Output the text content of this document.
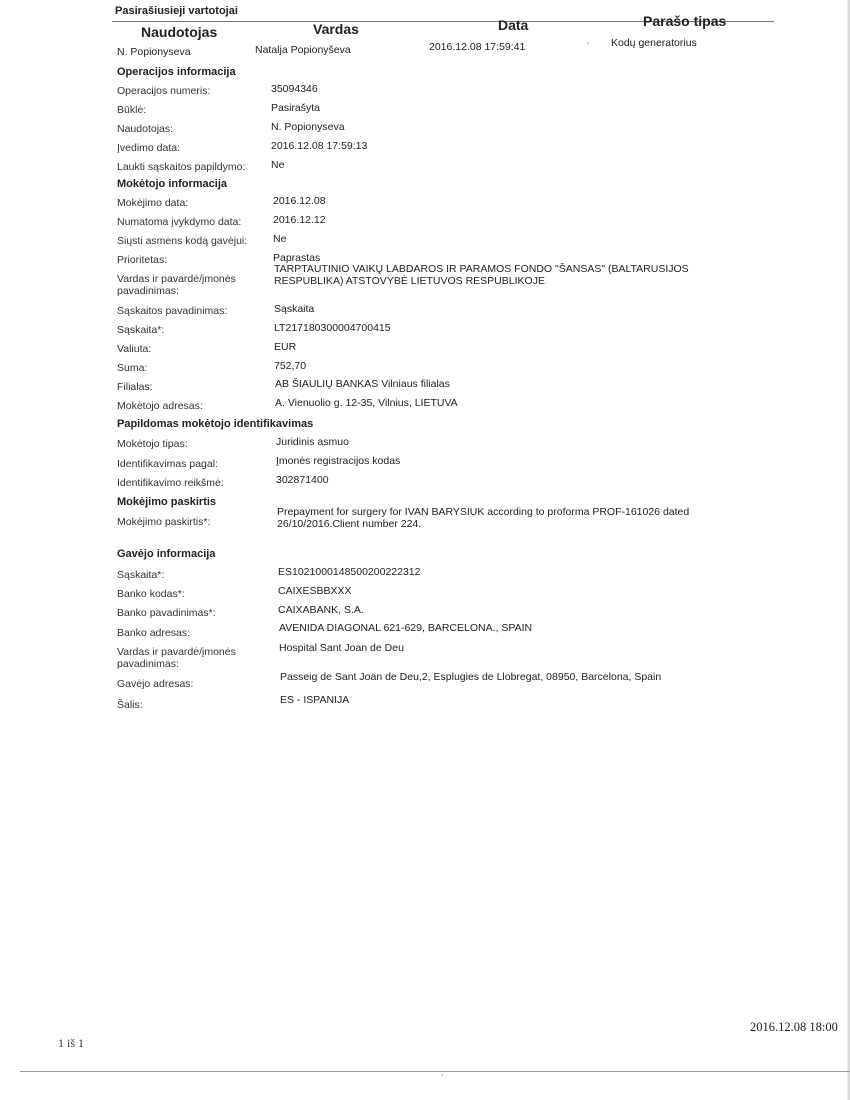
Pasirašiusieji vartotojai
Naudotojas	Vardas	Data	Parašo tipas
N. Popionyseva	Natalja Popionyševa	2016.12.08 17:59:41	Kodų generatorius
Operacijos informacija
Operacijos numeris:	35094346
Būklė:	Pasirašyta
Naudotojas:	N. Popionyseva
Įvedimo data:	2016.12.08 17:59:13
Laukti sąskaitos papildymo: Ne
Mokėtojo informacija
Mokėjimo data:	2016.12.08
Numatoma įvykdymo data:	2016.12.12
Siųsti asmens kodą gavėjui: Ne
Prioritetas:	Paprastas
Vardas ir pavardė/įmonės pavadinimas:
TARPTAUTINIO VAIKŲ LABDAROS IR PARAMOS FONDO "ŠANSAS" (BALTARUSIJOS RESPUBLIKA) ATSTOVYBĖ LIETUVOS RESPUBLIKOJE
Sąskaitos pavadinimas:	Sąskaita
Sąskaita*:	LT217180300004700415
Valiuta:	EUR
Suma:	752,70
Filialas:	AB ŠIAULIŲ BANKAS Vilniaus filialas
Mokėtojo adresas:	A. Vienuolio g. 12-35, Vilnius, LIETUVA
Papildomas mokėtojo identifikavimas
Mokėtojo tipas:	Juridinis asmuo
Identifikavimas pagal:	Įmonės registracijos kodas
Identifikavimo reikšmė:	302871400
Mokėjimo paskirtis
Mokėjimo paskirtis*:
Prepayment for surgery for IVAN BARYSIUK according to proforma PROF-161026 dated 26/10/2016.Client number 224.
Gavėjo informacija
Sąskaita*:	ES1021000148500200222312
Banko kodas*:	CAIXESBBXXX
Banko pavadinimas*:	CAIXABANK, S.A.
Banko adresas:	AVENIDA DIAGONAL 621-629, BARCELONA., SPAIN
Vardas ir pavardė/įmonės pavadinimas:
Hospital Sant Joan de Deu
Gavėjo adresas:
Passeig de Sant Joan de Deu,2, Esplugies de Llobregat, 08950, Barcelona, Spain
Šalis:	ES - ISPANIJA
1 iš 1
2016.12.08 18:00
